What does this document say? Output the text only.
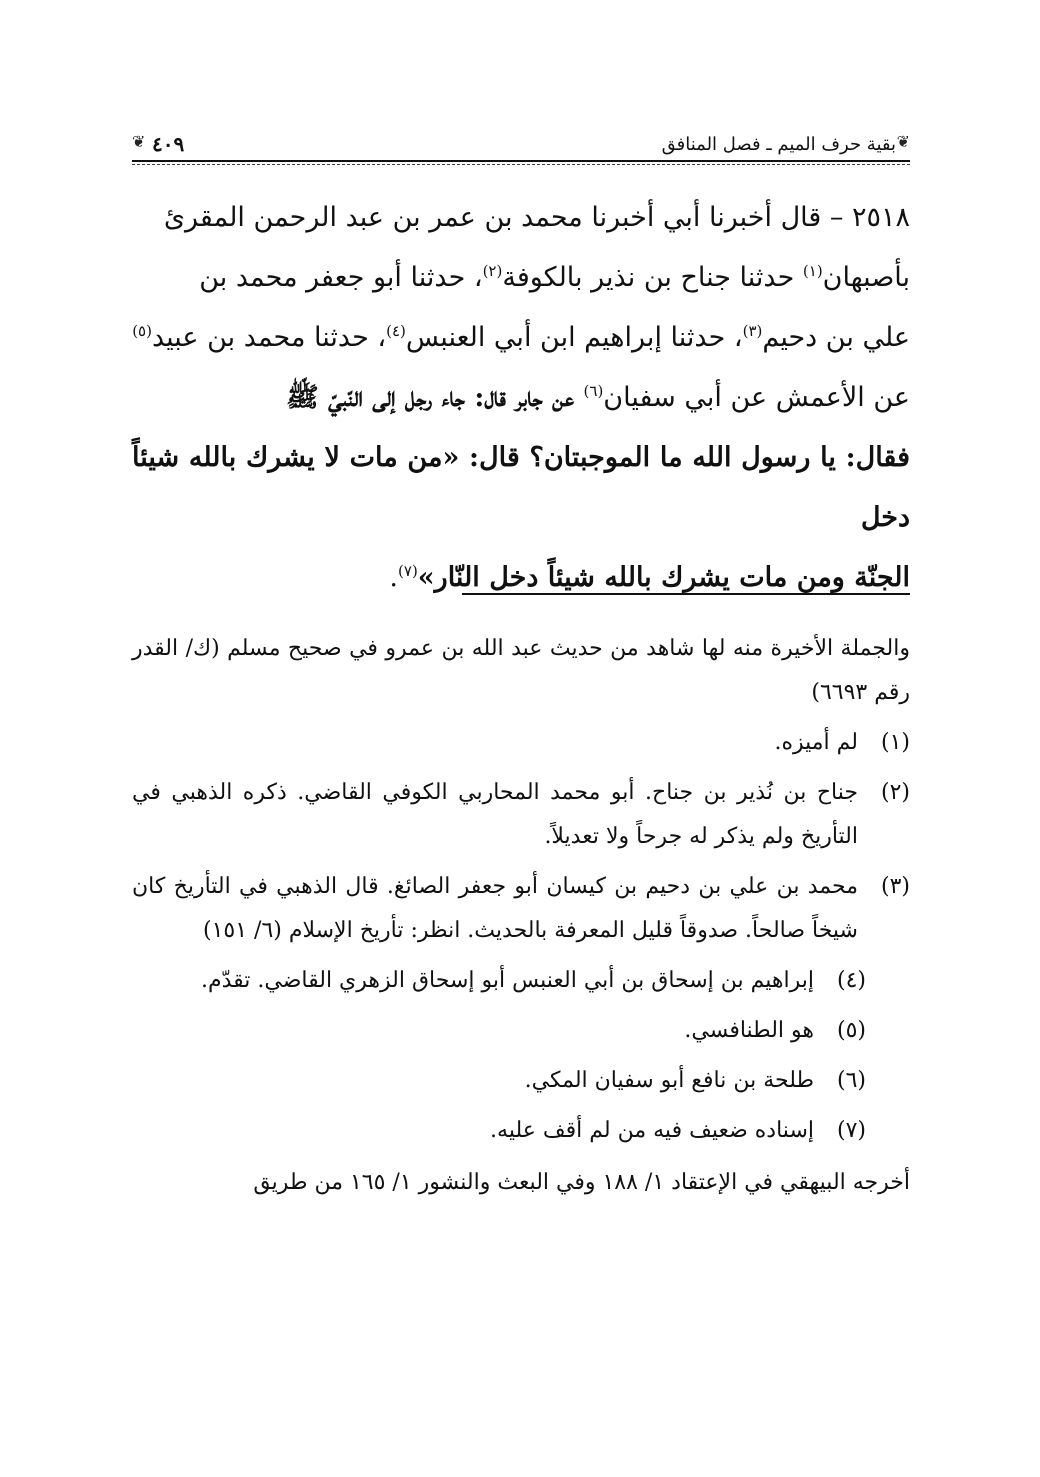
❦
بقية حرف الميم ـ فصل المنافق
٤٠٩
❦

٢٥١٨ – قال أخبرنا أبي أخبرنا محمد بن عمر بن عبد الرحمن المقرئ

بأصبهان$^{(١)}$ حدثنا جناح بن نذير بالكوفة$^{(٢)}$، حدثنا أبو جعفر محمد بن

علي بن دحيم$^{(٣)}$، حدثنا إبراهيم ابن أبي العنبس$^{(٤)}$، حدثنا محمد بن عبيد$^{(٥)}$

عن الأعمش عن أبي سفيان$^{(٦)}$ عن جابر قال: جاء رجل إلى النّبيّ ﷺ

فقال: يا رسول الله ما الموجبتان؟ قال: «من مات لا يشرك بالله شيئاً دخل

الجنّة ومن مات يشرك بالله شيئاً دخل النّار»$^{(٧)}$.

والجملة الأخيرة منه لها شاهد من حديث عبد الله بن عمرو في صحيح مسلم (ك/ القدر رقم ٦٦٩٣)

(١)
لم أميزه.
(٢)
جناح بن نُذير بن جناح. أبو محمد المحاربي الكوفي القاضي. ذكره الذهبي في التأريخ ولم يذكر له جرحاً ولا تعديلاً.
(٣)
محمد بن علي بن دحيم بن كيسان أبو جعفر الصائغ. قال الذهبي في التأريخ كان شيخاً صالحاً. صدوقاً قليل المعرفة بالحديث. انظر: تأريخ الإسلام (٦/ ١٥١)
(٤)
إبراهيم بن إسحاق بن أبي العنبس أبو إسحاق الزهري القاضي. تقدّم.
(٥)
هو الطنافسي.
(٦)
طلحة بن نافع أبو سفيان المكي.
(٧)
إسناده ضعيف فيه من لم أقف عليه.

أخرجه البيهقي في الإعتقاد ١/ ١٨٨ وفي البعث والنشور ١/ ١٦٥ من طريق
